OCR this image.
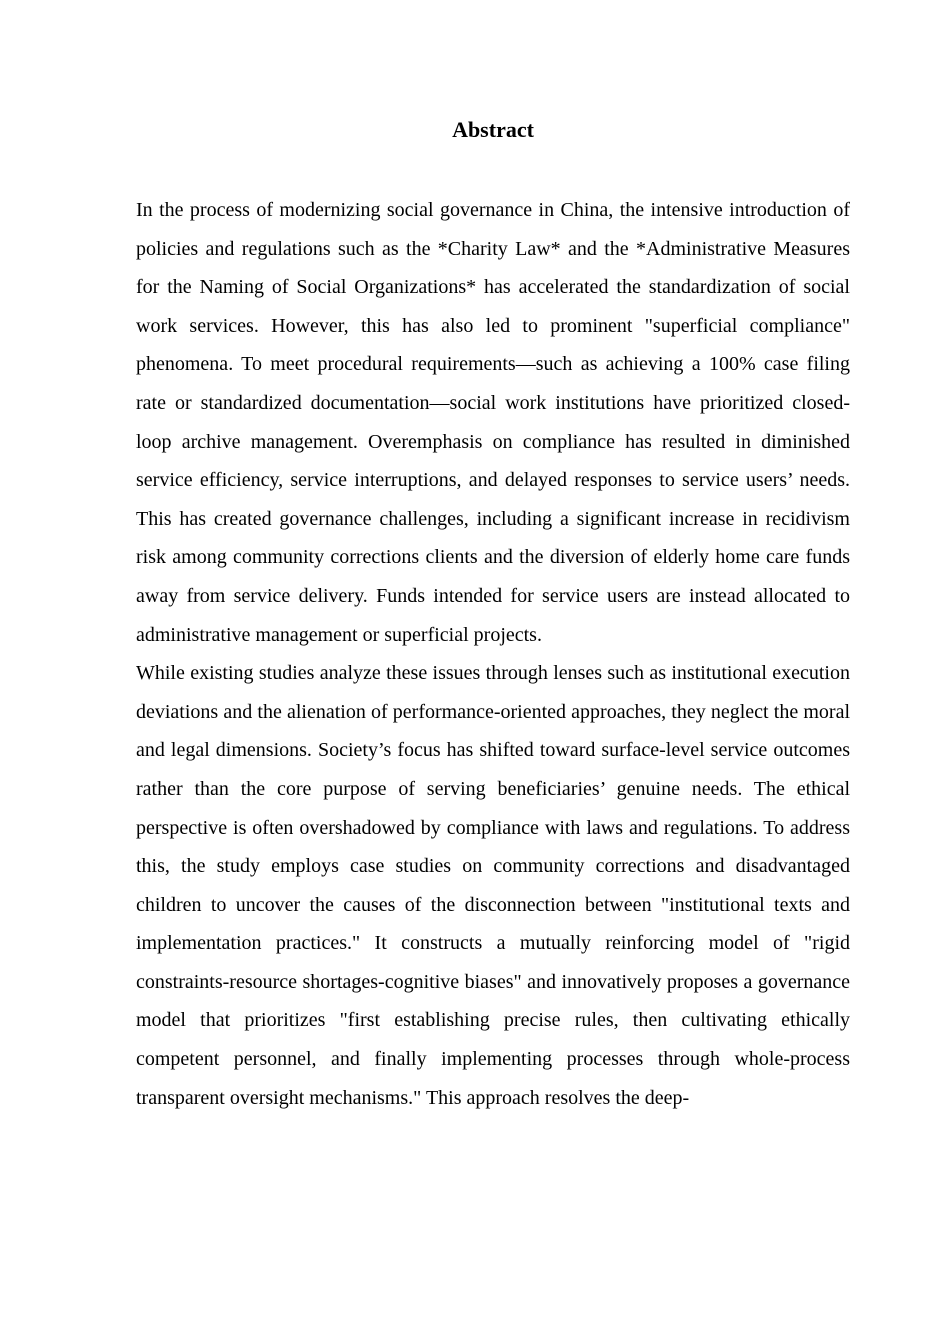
Abstract

In the process of modernizing social governance in China, the intensive introduction of policies and regulations such as the *Charity Law* and the *Administrative Measures for the Naming of Social Organizations* has accelerated the standardization of social work services. However, this has also led to prominent "superficial compliance" phenomena. To meet procedural requirements—such as achieving a 100% case filing rate or standardized documentation—social work institutions have prioritized closed-loop archive management. Overemphasis on compliance has resulted in diminished service efficiency, service interruptions, and delayed responses to service users’ needs. This has created governance challenges, including a significant increase in recidivism risk among community corrections clients and the diversion of elderly home care funds away from service delivery. Funds intended for service users are instead allocated to administrative management or superficial projects.

While existing studies analyze these issues through lenses such as institutional execution deviations and the alienation of performance-oriented approaches, they neglect the moral and legal dimensions. Society’s focus has shifted toward surface-level service outcomes rather than the core purpose of serving beneficiaries’ genuine needs. The ethical perspective is often overshadowed by compliance with laws and regulations. To address this, the study employs case studies on community corrections and disadvantaged children to uncover the causes of the disconnection between "institutional texts and implementation practices." It constructs a mutually reinforcing model of "rigid constraints-resource shortages-cognitive biases" and innovatively proposes a governance model that prioritizes "first establishing precise rules, then cultivating ethically competent personnel, and finally implementing processes through whole-process transparent oversight mechanisms." This approach resolves the deep-
